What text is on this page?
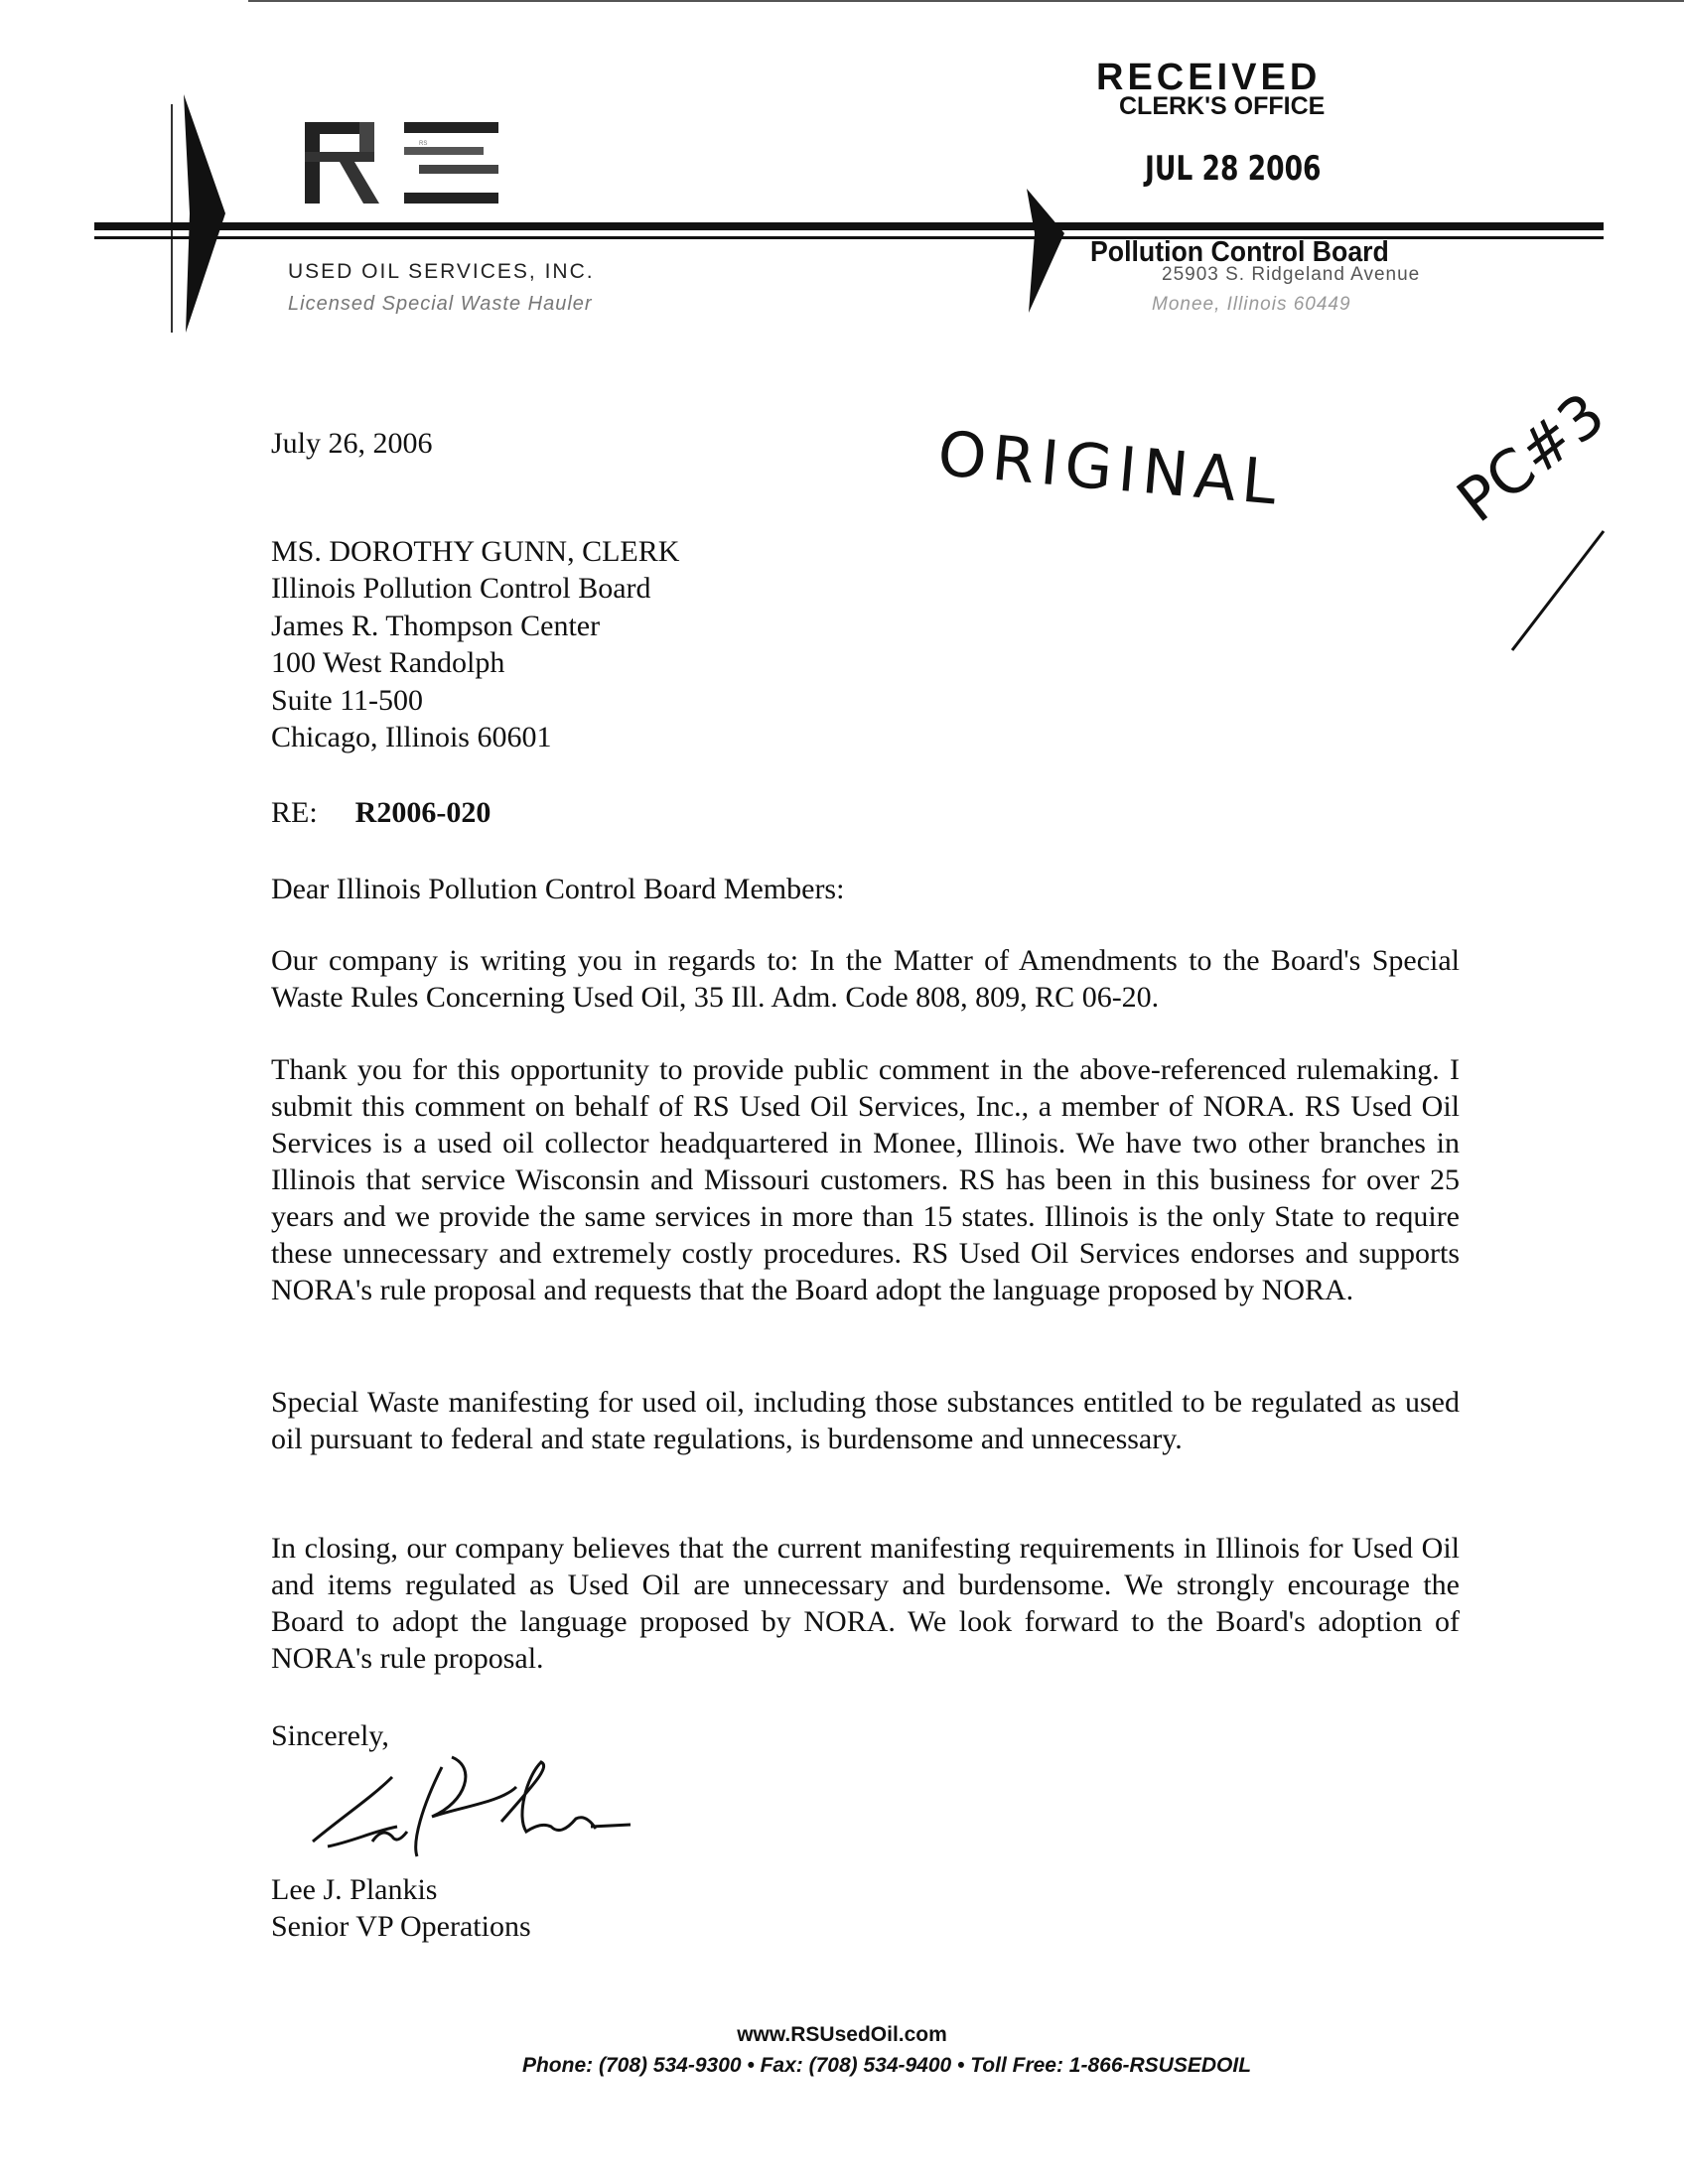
RS
USED OIL SERVICES, INC.
Licensed Special Waste Hauler
RECEIVED
CLERK'S OFFICE
JUL 28 2006
Pollution Control Board
25903 S. Ridgeland Avenue
Monee, Illinois 60449
ORIGINAL	PC#3
July 26, 2006
MS. DOROTHY GUNN, CLERK
Illinois Pollution Control Board
James R. Thompson Center
100 West Randolph
Suite 11-500
Chicago, Illinois 60601
RE: R2006-020
Dear Illinois Pollution Control Board Members:
Our company is writing you in regards to: In the Matter of Amendments to the Board's Special Waste Rules Concerning Used Oil, 35 Ill. Adm. Code 808, 809, RC 06-20.
Thank you for this opportunity to provide public comment in the above-referenced rulemaking. I submit this comment on behalf of RS Used Oil Services, Inc., a member of NORA. RS Used Oil Services is a used oil collector headquartered in Monee, Illinois. We have two other branches in Illinois that service Wisconsin and Missouri customers. RS has been in this business for over 25 years and we provide the same services in more than 15 states. Illinois is the only State to require these unnecessary and extremely costly procedures. RS Used Oil Services endorses and supports NORA's rule proposal and requests that the Board adopt the language proposed by NORA.
Special Waste manifesting for used oil, including those substances entitled to be regulated as used oil pursuant to federal and state regulations, is burdensome and unnecessary.
In closing, our company believes that the current manifesting requirements in Illinois for Used Oil and items regulated as Used Oil are unnecessary and burdensome. We strongly encourage the Board to adopt the language proposed by NORA. We look forward to the Board's adoption of NORA's rule proposal.
Sincerely,
Lee J. Plankis
Senior VP Operations
www.RSUsedOil.com
Phone: (708) 534-9300 • Fax: (708) 534-9400 • Toll Free: 1-866-RSUSEDOIL
